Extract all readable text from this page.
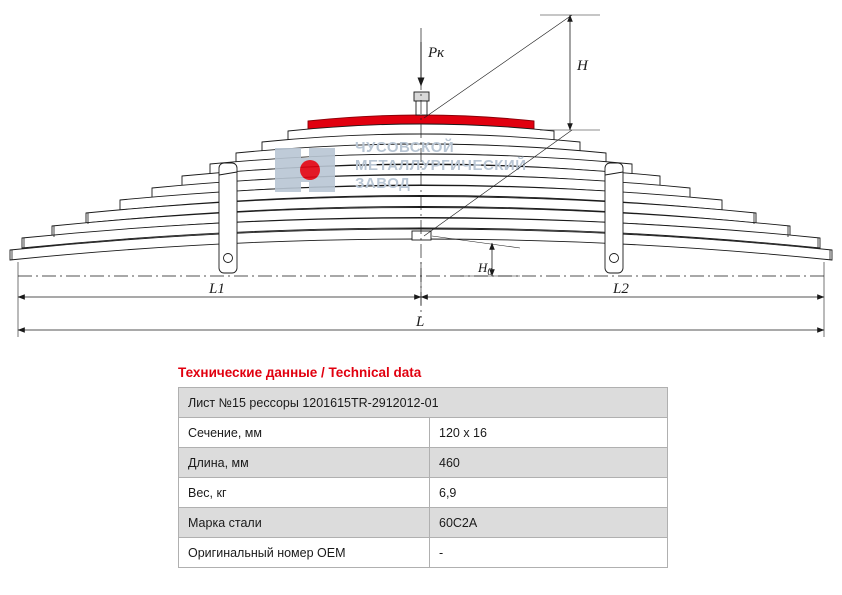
ЧУСОВСКОЙ
МЕТАЛЛУРГИЧЕСКИЙ
ЗАВОД
Pк
H
$H_0$
L1	L2
L
Технические данные / Technical data
Лист №15 рессоры 1201615TR-2912012-01	
Сечение, мм	120 х 16
Длина, мм	460
Вес, кг	6,9
Марка стали	60С2А
Оригинальный номер ОЕМ	-
